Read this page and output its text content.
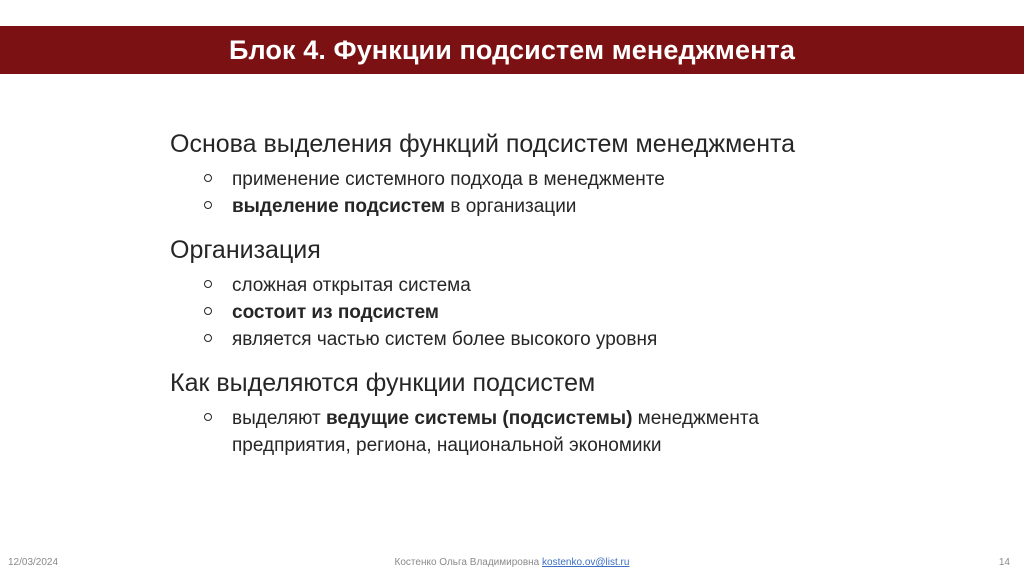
Блок 4. Функции подсистем менеджмента

Основа выделения функций подсистем менеджмента

применение системного подхода в менеджменте
выделение подсистем в организации

Организация

сложная открытая система
состоит из подсистем
является частью систем более высокого уровня

Как выделяются функции подсистем

выделяют ведущие системы (подсистемы) менеджмента предприятия, региона, национальной экономики
12/03/2024	Костенко Ольга Владимировна kostenko.ov@list.ru	14
